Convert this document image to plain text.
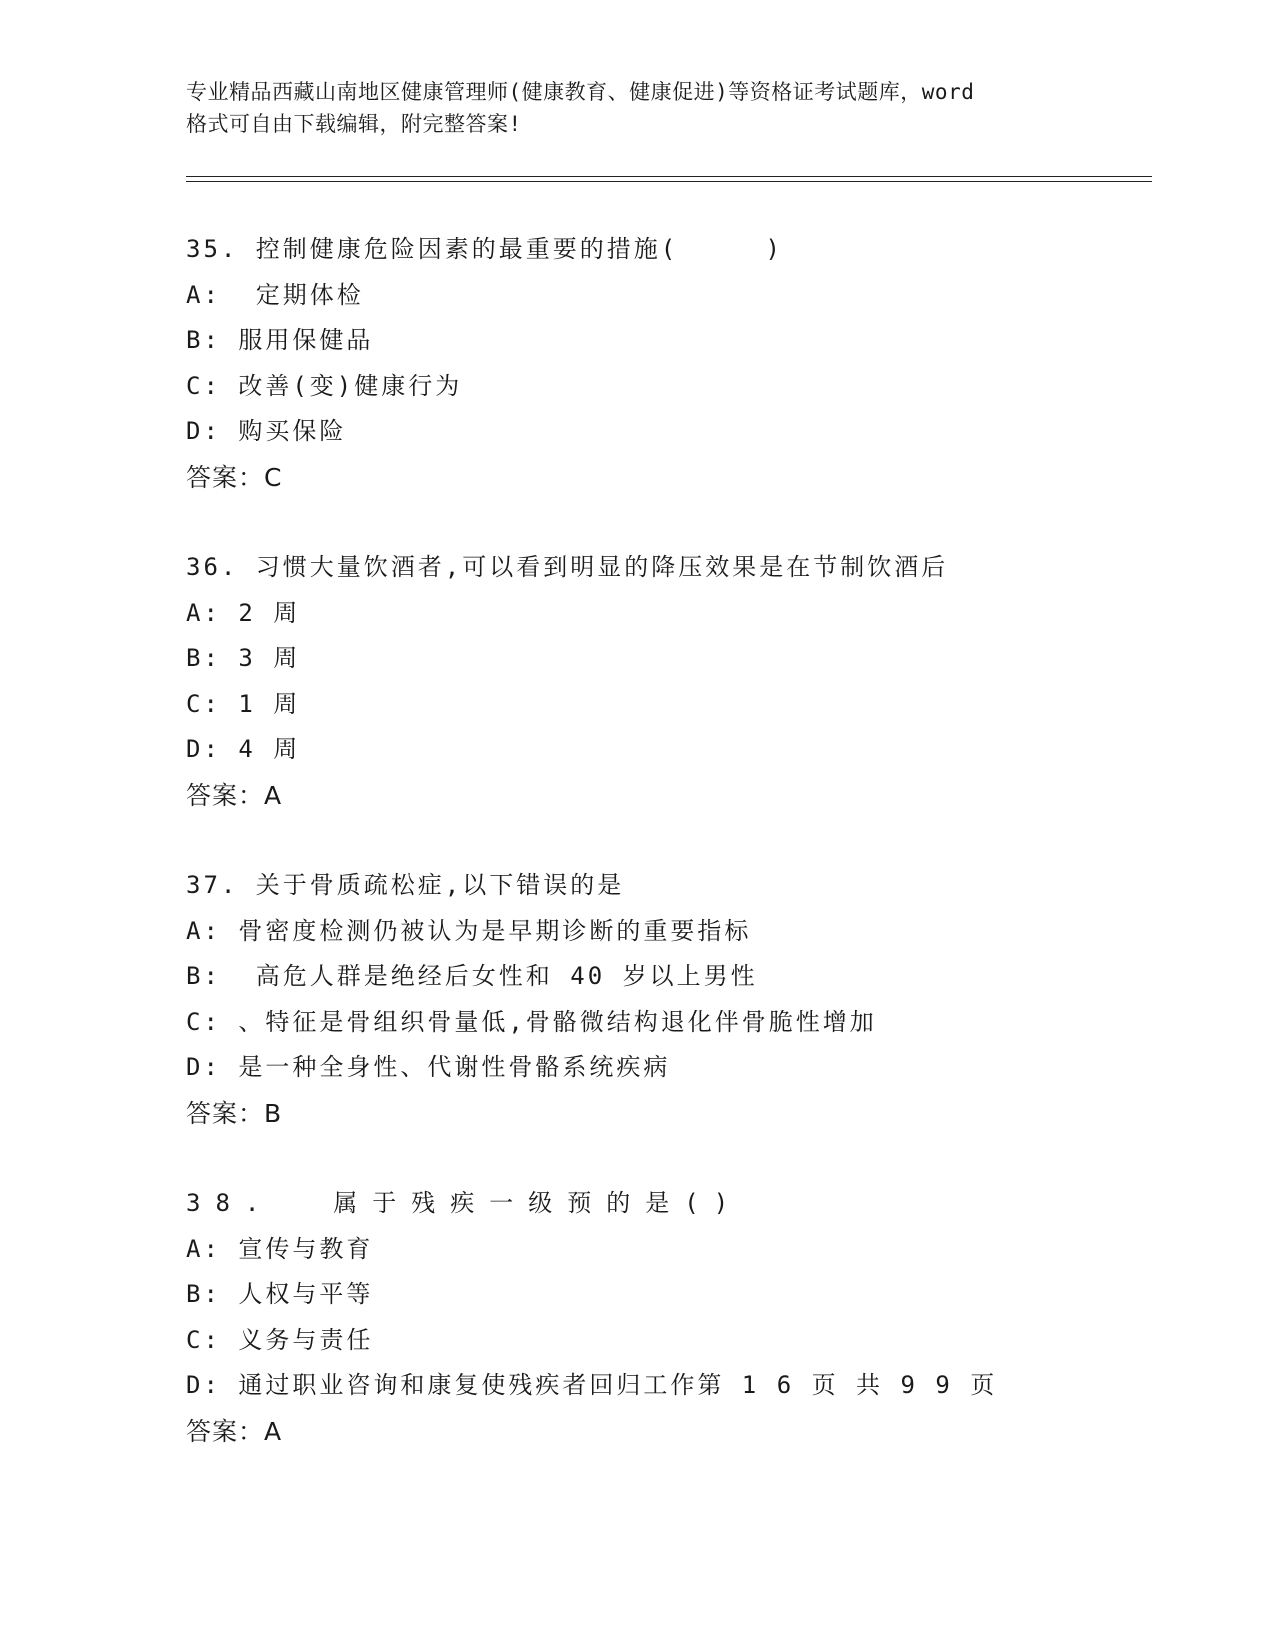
专业精品西藏山南地区健康管理师(健康教育、健康促进)等资格证考试题库，word
格式可自由下载编辑，附完整答案!
35. 控制健康危险因素的最重要的措施(     )
A:  定期体检
B: 服用保健品
C: 改善(变)健康行为
D: 购买保险
答案：C
36. 习惯大量饮酒者,可以看到明显的降压效果是在节制饮酒后
A: 2 周
B: 3 周
C: 1 周
D: 4 周
答案：A
37. 关于骨质疏松症,以下错误的是
A: 骨密度检测仍被认为是早期诊断的重要指标
B:  高危人群是绝经后女性和 40 岁以上男性
C: 、特征是骨组织骨量低,骨骼微结构退化伴骨脆性增加
D: 是一种全身性、代谢性骨骼系统疾病
答案：B
38.  属于残疾一级预的是()
A: 宣传与教育
B: 人权与平等
C: 义务与责任
D: 通过职业咨询和康复使残疾者回归工作第 1 6 页 共 9 9 页
答案：A
